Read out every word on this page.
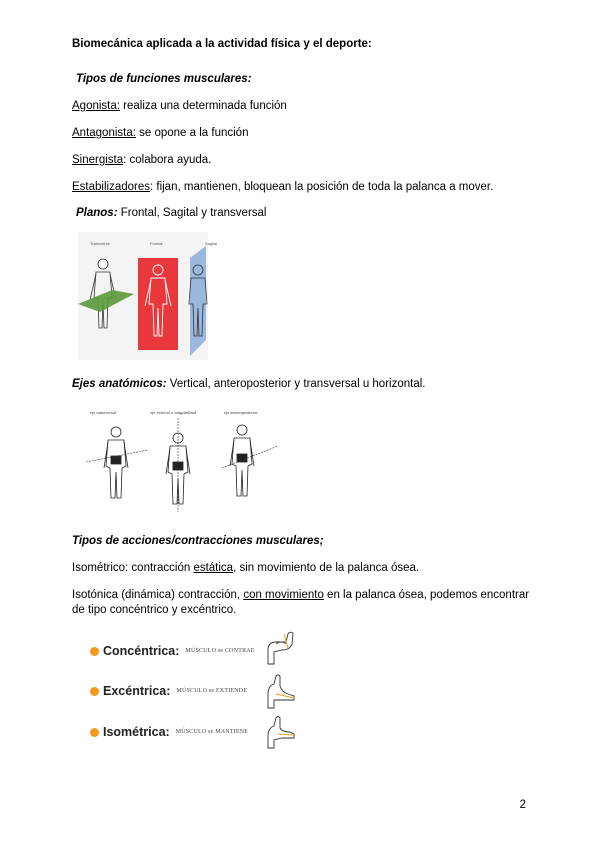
Biomecánica aplicada a la actividad física y el deporte:
Tipos de funciones musculares:
Agonista: realiza una determinada función
Antagonista: se opone a la función
Sinergista: colabora ayuda.
Estabilizadores: fijan, mantienen, bloquean la posición de toda la palanca a mover.
Planos: Frontal, Sagital y transversal
Transverse	Frontal	Sagital
Ejes anatómicos: Vertical, anteroposterior y transversal u horizontal.
eje transversal	eje vertical o longitudinal	eje anteroposterior
Tipos de acciones/contracciones musculares;
Isométrico: contracción estática, sin movimiento de la palanca ósea.
Isotónica (dinámica) contracción, con movimiento en la palanca ósea, podemos encontrar
de tipo concéntrico y excéntrico.
Concéntrica: MÚSCULO se CONTRAE
Excéntrica: MÚSCULO se EXTIENDE
Isométrica: MÚSCULO se MANTIENE
2
